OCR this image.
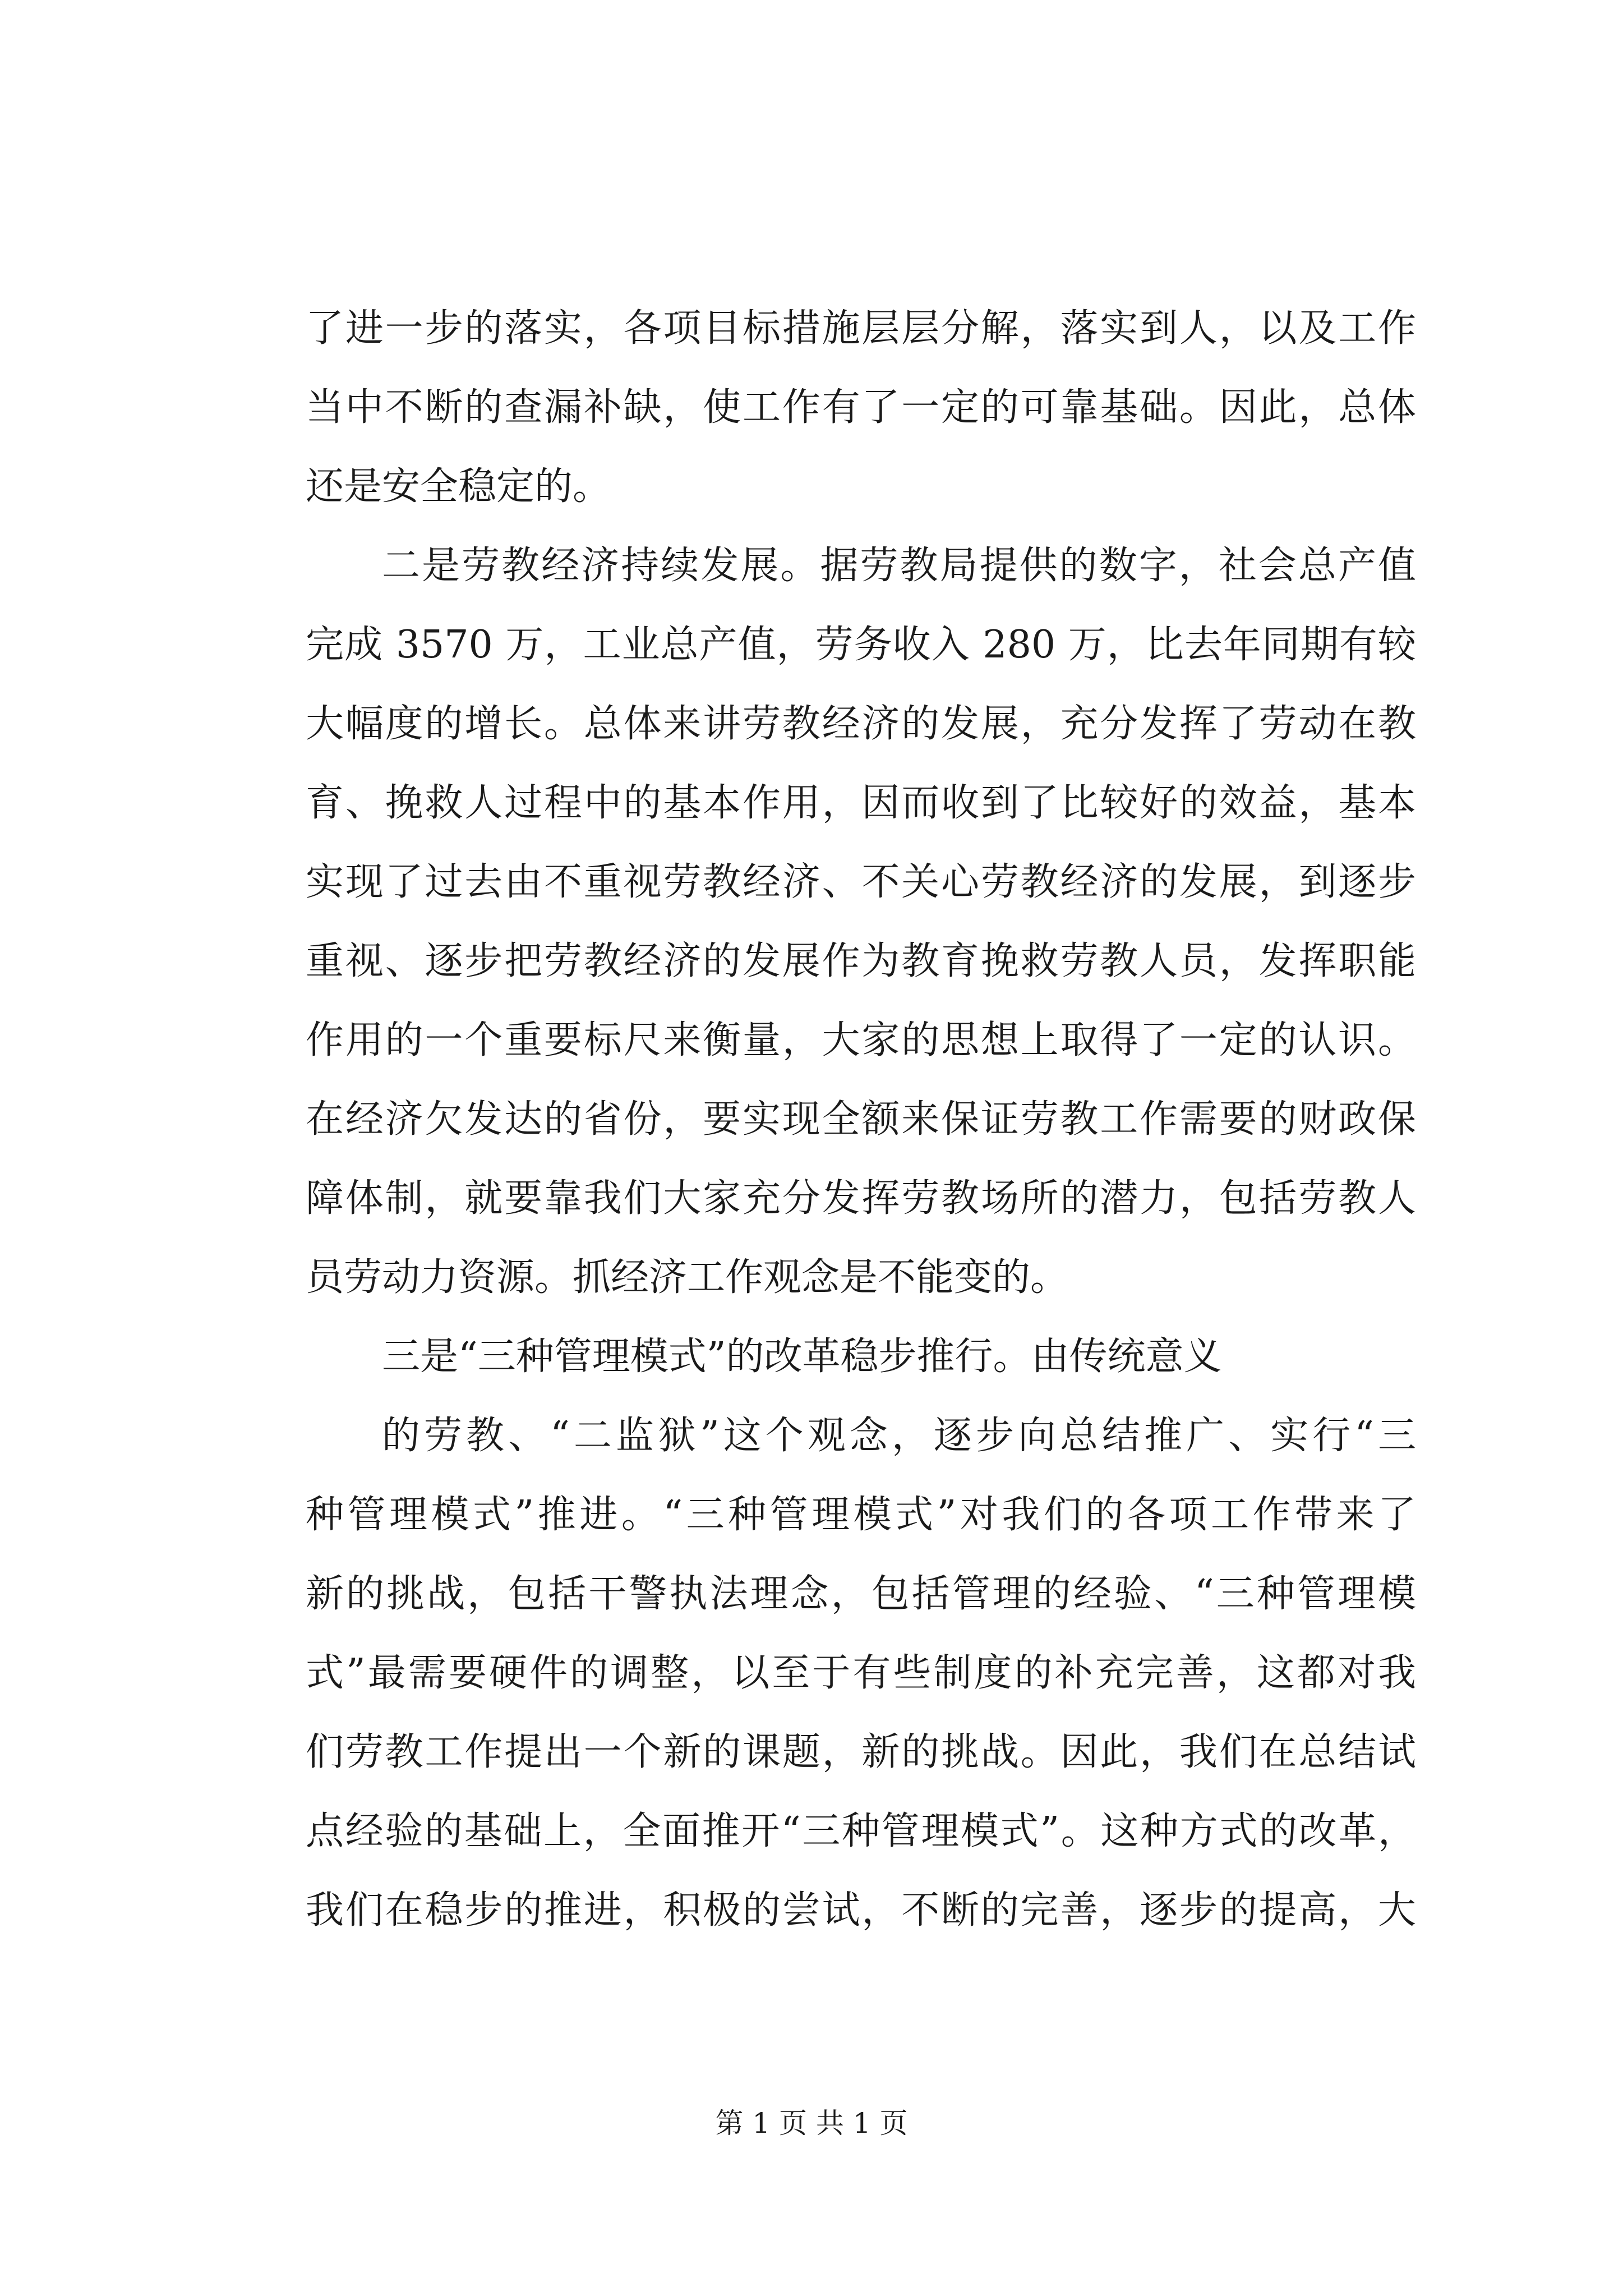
了进一步的落实，各项目标措施层层分解，落实到人，以及工作
当中不断的查漏补缺，使工作有了一定的可靠基础。因此，总体
还是安全稳定的。
二是劳教经济持续发展。据劳教局提供的数字，社会总产值
完成 3570 万，工业总产值，劳务收入 280 万，比去年同期有较
大幅度的增长。总体来讲劳教经济的发展，充分发挥了劳动在教
育、挽救人过程中的基本作用，因而收到了比较好的效益，基本
实现了过去由不重视劳教经济、不关心劳教经济的发展，到逐步
重视、逐步把劳教经济的发展作为教育挽救劳教人员，发挥职能
作用的一个重要标尺来衡量，大家的思想上取得了一定的认识。
在经济欠发达的省份，要实现全额来保证劳教工作需要的财政保
障体制，就要靠我们大家充分发挥劳教场所的潜力，包括劳教人
员劳动力资源。抓经济工作观念是不能变的。
三是“三种管理模式”的改革稳步推行。由传统意义
的劳教、“二监狱”这个观念，逐步向总结推广、实行“三
种管理模式”推进。“三种管理模式”对我们的各项工作带来了
新的挑战，包括干警执法理念，包括管理的经验、“三种管理模
式”最需要硬件的调整，以至于有些制度的补充完善，这都对我
们劳教工作提出一个新的课题，新的挑战。因此，我们在总结试
点经验的基础上，全面推开“三种管理模式”。这种方式的改革，
我们在稳步的推进，积极的尝试，不断的完善，逐步的提高，大
第 1 页 共 1 页
